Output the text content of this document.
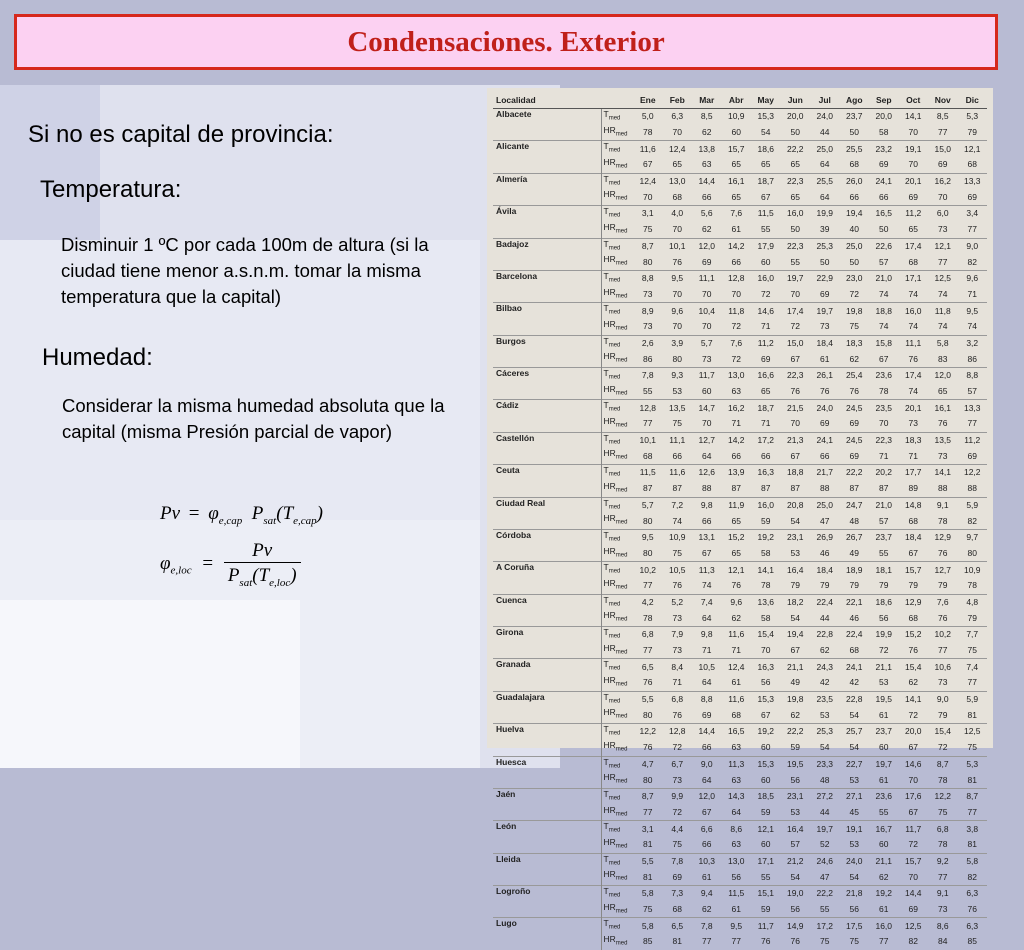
Condensaciones. Exterior
Si no es capital de provincia:
Temperatura:
Disminuir 1 ºC por cada 100m de altura (si la ciudad tiene menor a.s.n.m. tomar la misma temperatura que la capital)
Humedad:
Considerar la misma humedad absoluta que la capital (misma Presión parcial de vapor)
$Pv = \varphi_{e,cap}$ $P_{sat}(T_{e,cap})$
$\varphi_{e,loc} = \frac{Pv}{P_{sat}(T_{e,loc})}$
Localidad		Ene	Feb	Mar	Abr	May	Jun	Jul	Ago	Sep	Oct	Nov	Dic
Albacete	$T_{med}$	5,0	6,3	8,5	10,9	15,3	20,0	24,0	23,7	20,0	14,1	8,5	5,3
	$HR_{med}$	78	70	62	60	54	50	44	50	58	70	77	79
Alicante	$T_{med}$	11,6	12,4	13,8	15,7	18,6	22,2	25,0	25,5	23,2	19,1	15,0	12,1
	$HR_{med}$	67	65	63	65	65	65	64	68	69	70	69	68
Almería	$T_{med}$	12,4	13,0	14,4	16,1	18,7	22,3	25,5	26,0	24,1	20,1	16,2	13,3
	$HR_{med}$	70	68	66	65	67	65	64	66	66	69	70	69
Ávila	$T_{med}$	3,1	4,0	5,6	7,6	11,5	16,0	19,9	19,4	16,5	11,2	6,0	3,4
	$HR_{med}$	75	70	62	61	55	50	39	40	50	65	73	77
Badajoz	$T_{med}$	8,7	10,1	12,0	14,2	17,9	22,3	25,3	25,0	22,6	17,4	12,1	9,0
	$HR_{med}$	80	76	69	66	60	55	50	50	57	68	77	82
Barcelona	$T_{med}$	8,8	9,5	11,1	12,8	16,0	19,7	22,9	23,0	21,0	17,1	12,5	9,6
	$HR_{med}$	73	70	70	70	72	70	69	72	74	74	74	71
Bilbao	$T_{med}$	8,9	9,6	10,4	11,8	14,6	17,4	19,7	19,8	18,8	16,0	11,8	9,5
	$HR_{med}$	73	70	70	72	71	72	73	75	74	74	74	74
Burgos	$T_{med}$	2,6	3,9	5,7	7,6	11,2	15,0	18,4	18,3	15,8	11,1	5,8	3,2
	$HR_{med}$	86	80	73	72	69	67	61	62	67	76	83	86
Cáceres	$T_{med}$	7,8	9,3	11,7	13,0	16,6	22,3	26,1	25,4	23,6	17,4	12,0	8,8
	$HR_{med}$	55	53	60	63	65	76	76	76	78	74	65	57
Cádiz	$T_{med}$	12,8	13,5	14,7	16,2	18,7	21,5	24,0	24,5	23,5	20,1	16,1	13,3
	$HR_{med}$	77	75	70	71	71	70	69	69	70	73	76	77
Castellón	$T_{med}$	10,1	11,1	12,7	14,2	17,2	21,3	24,1	24,5	22,3	18,3	13,5	11,2
	$HR_{med}$	68	66	64	66	66	67	66	69	71	71	73	69
Ceuta	$T_{med}$	11,5	11,6	12,6	13,9	16,3	18,8	21,7	22,2	20,2	17,7	14,1	12,2
	$HR_{med}$	87	87	88	87	87	87	88	87	87	89	88	88
Ciudad Real	$T_{med}$	5,7	7,2	9,8	11,9	16,0	20,8	25,0	24,7	21,0	14,8	9,1	5,9
	$HR_{med}$	80	74	66	65	59	54	47	48	57	68	78	82
Córdoba	$T_{med}$	9,5	10,9	13,1	15,2	19,2	23,1	26,9	26,7	23,7	18,4	12,9	9,7
	$HR_{med}$	80	75	67	65	58	53	46	49	55	67	76	80
A Coruña	$T_{med}$	10,2	10,5	11,3	12,1	14,1	16,4	18,4	18,9	18,1	15,7	12,7	10,9
	$HR_{med}$	77	76	74	76	78	79	79	79	79	79	79	78
Cuenca	$T_{med}$	4,2	5,2	7,4	9,6	13,6	18,2	22,4	22,1	18,6	12,9	7,6	4,8
	$HR_{med}$	78	73	64	62	58	54	44	46	56	68	76	79
Girona	$T_{med}$	6,8	7,9	9,8	11,6	15,4	19,4	22,8	22,4	19,9	15,2	10,2	7,7
	$HR_{med}$	77	73	71	71	70	67	62	68	72	76	77	75
Granada	$T_{med}$	6,5	8,4	10,5	12,4	16,3	21,1	24,3	24,1	21,1	15,4	10,6	7,4
	$HR_{med}$	76	71	64	61	56	49	42	42	53	62	73	77
Guadalajara	$T_{med}$	5,5	6,8	8,8	11,6	15,3	19,8	23,5	22,8	19,5	14,1	9,0	5,9
	$HR_{med}$	80	76	69	68	67	62	53	54	61	72	79	81
Huelva	$T_{med}$	12,2	12,8	14,4	16,5	19,2	22,2	25,3	25,7	23,7	20,0	15,4	12,5
	$HR_{med}$	76	72	66	63	60	59	54	54	60	67	72	75
Huesca	$T_{med}$	4,7	6,7	9,0	11,3	15,3	19,5	23,3	22,7	19,7	14,6	8,7	5,3
	$HR_{med}$	80	73	64	63	60	56	48	53	61	70	78	81
Jaén	$T_{med}$	8,7	9,9	12,0	14,3	18,5	23,1	27,2	27,1	23,6	17,6	12,2	8,7
	$HR_{med}$	77	72	67	64	59	53	44	45	55	67	75	77
León	$T_{med}$	3,1	4,4	6,6	8,6	12,1	16,4	19,7	19,1	16,7	11,7	6,8	3,8
	$HR_{med}$	81	75	66	63	60	57	52	53	60	72	78	81
Lleida	$T_{med}$	5,5	7,8	10,3	13,0	17,1	21,2	24,6	24,0	21,1	15,7	9,2	5,8
	$HR_{med}$	81	69	61	56	55	54	47	54	62	70	77	82
Logroño	$T_{med}$	5,8	7,3	9,4	11,5	15,1	19,0	22,2	21,8	19,2	14,4	9,1	6,3
	$HR_{med}$	75	68	62	61	59	56	55	56	61	69	73	76
Lugo	$T_{med}$	5,8	6,5	7,8	9,5	11,7	14,9	17,2	17,5	16,0	12,5	8,6	6,3
	$HR_{med}$	85	81	77	77	76	76	75	75	77	82	84	85
